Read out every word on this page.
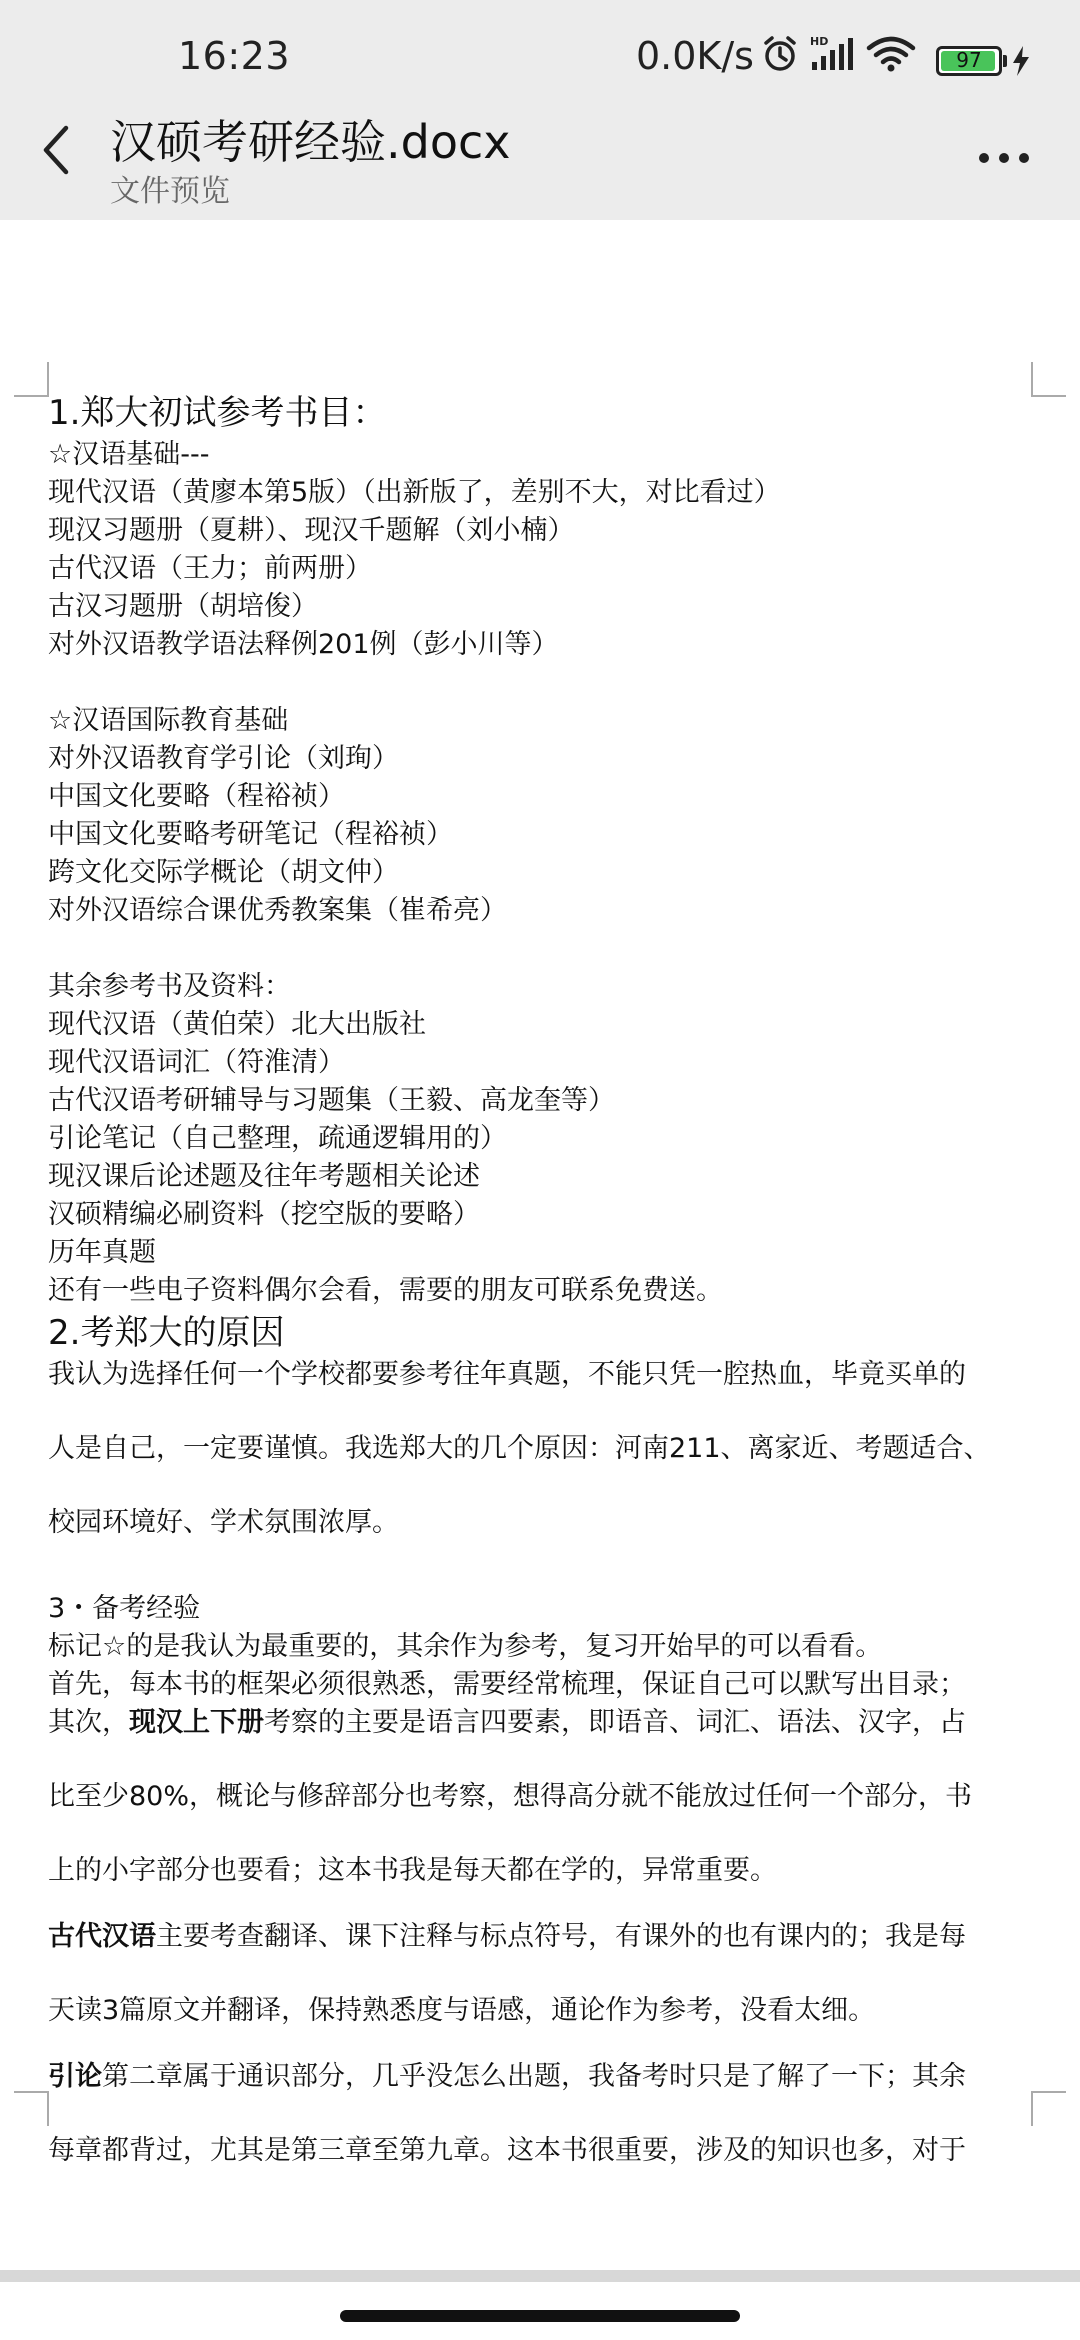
16:23	0.0K/s	HD
97
汉硕考研经验.docx
文件预览
1.郑大初试参考书目：
☆汉语基础---
现代汉语（黄廖本第5版）（出新版了，差别不大，对比看过）
现汉习题册（夏耕）、现汉千题解（刘小楠）
古代汉语（王力；前两册）
古汉习题册（胡培俊）
对外汉语教学语法释例201例（彭小川等）
☆汉语国际教育基础
对外汉语教育学引论（刘珣）
中国文化要略（程裕祯）
中国文化要略考研笔记（程裕祯）
跨文化交际学概论（胡文仲）
对外汉语综合课优秀教案集（崔希亮）
其余参考书及资料：
现代汉语（黄伯荣）北大出版社
现代汉语词汇（符淮清）
古代汉语考研辅导与习题集（王毅、高龙奎等）
引论笔记（自己整理，疏通逻辑用的）
现汉课后论述题及往年考题相关论述
汉硕精编必刷资料（挖空版的要略）
历年真题
还有一些电子资料偶尔会看，需要的朋友可联系免费送。
2.考郑大的原因
我认为选择任何一个学校都要参考往年真题，不能只凭一腔热血，毕竟买单的
人是自己，一定要谨慎。我选郑大的几个原因：河南211、离家近、考题适合、
校园环境好、学术氛围浓厚。
3・备考经验
标记☆的是我认为最重要的，其余作为参考，复习开始早的可以看看。
首先，每本书的框架必须很熟悉，需要经常梳理，保证自己可以默写出目录；
其次，现汉上下册考察的主要是语言四要素，即语音、词汇、语法、汉字，占
比至少80%，概论与修辞部分也考察，想得高分就不能放过任何一个部分，书
上的小字部分也要看；这本书我是每天都在学的，异常重要。
古代汉语主要考查翻译、课下注释与标点符号，有课外的也有课内的；我是每
天读3篇原文并翻译，保持熟悉度与语感，通论作为参考，没看太细。
引论第二章属于通识部分，几乎没怎么出题，我备考时只是了解了一下；其余
每章都背过，尤其是第三章至第九章。这本书很重要，涉及的知识也多，对于
